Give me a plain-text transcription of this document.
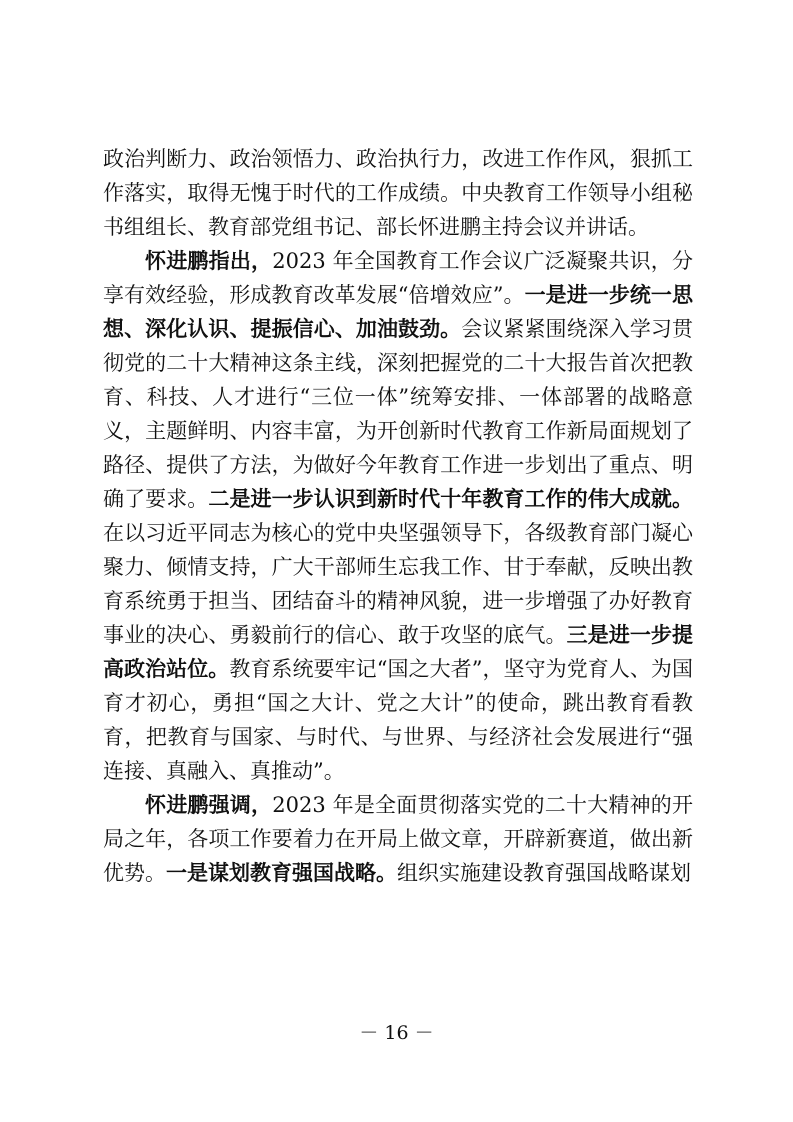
政治判断力、政治领悟力、政治执行力，改进工作作风，狠抓工作落实，取得无愧于时代的工作成绩。中央教育工作领导小组秘书组组长、教育部党组书记、部长怀进鹏主持会议并讲话。

怀进鹏指出，2023 年全国教育工作会议广泛凝聚共识，分享有效经验，形成教育改革发展“倍增效应”。一是进一步统一思想、深化认识、提振信心、加油鼓劲。会议紧紧围绕深入学习贯彻党的二十大精神这条主线，深刻把握党的二十大报告首次把教育、科技、人才进行“三位一体”统筹安排、一体部署的战略意义，主题鲜明、内容丰富，为开创新时代教育工作新局面规划了路径、提供了方法，为做好今年教育工作进一步划出了重点、明确了要求。二是进一步认识到新时代十年教育工作的伟大成就。在以习近平同志为核心的党中央坚强领导下，各级教育部门凝心聚力、倾情支持，广大干部师生忘我工作、甘于奉献，反映出教育系统勇于担当、团结奋斗的精神风貌，进一步增强了办好教育事业的决心、勇毅前行的信心、敢于攻坚的底气。三是进一步提高政治站位。教育系统要牢记“国之大者”，坚守为党育人、为国育才初心，勇担“国之大计、党之大计”的使命，跳出教育看教育，把教育与国家、与时代、与世界、与经济社会发展进行“强连接、真融入、真推动”。

怀进鹏强调，2023 年是全面贯彻落实党的二十大精神的开局之年，各项工作要着力在开局上做文章，开辟新赛道，做出新优势。一是谋划教育强国战略。组织实施建设教育强国战略谋划

－ 16 －
